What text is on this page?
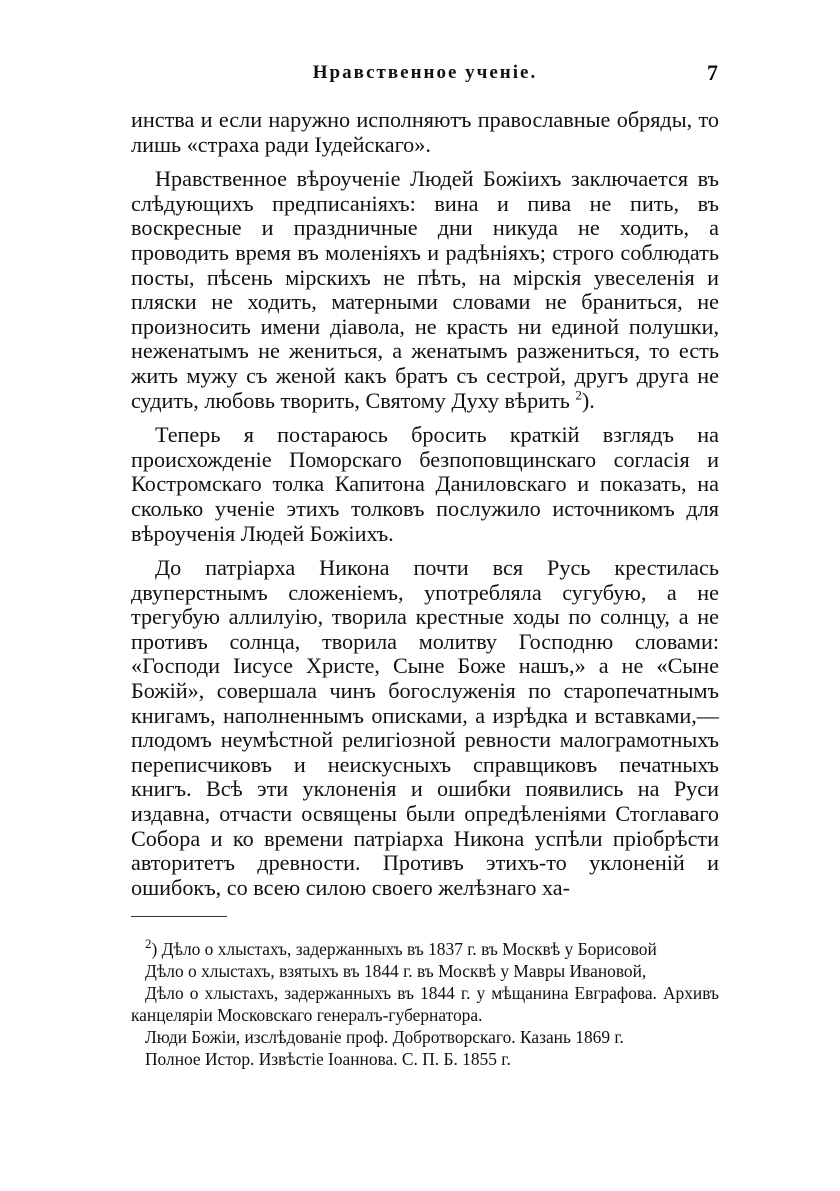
Нравственное ученіе.	7

инства и если наружно исполняютъ православные обряды, то лишь «страха ради Іудейскаго».

Нравственное вѣроученіе Людей Божіихъ заключается въ слѣдующихъ предписаніяхъ: вина и пива не пить, въ воскресные и праздничные дни никуда не ходить, а проводить время въ моленіяхъ и радѣніяхъ; строго соблюдать посты, пѣсень мірскихъ не пѣть, на мірскія увеселенія и пляски не ходить, матерными словами не браниться, не произносить имени діавола, не красть ни единой полушки, неженатымъ не жениться, а женатымъ разжениться, то есть жить мужу съ женой какъ братъ съ сестрой, другъ друга не судить, любовь творить, Святому Духу вѣрить $^2$).

Теперь я постараюсь бросить краткій взглядъ на происхожденіе Поморскаго безпоповщинскаго согласія и Костромскаго толка Капитона Даниловскаго и показать, на сколько ученіе этихъ толковъ послужило источникомъ для вѣроученія Людей Божіихъ.

До патріарха Никона почти вся Русь крестилась двуперстнымъ сложеніемъ, употребляла сугубую, а не трегубую аллилуію, творила крестные ходы по солнцу, а не противъ солнца, творила молитву Господню словами: «Господи Іисусе Христе, Сыне Боже нашъ,» а не «Сыне Божій», совершала чинъ богослуженія по старопечатнымъ книгамъ, наполненнымъ описками, а изрѣдка и вставками,— плодомъ неумѣстной религіозной ревности малограмотныхъ переписчиковъ и неискусныхъ справщиковъ печатныхъ книгъ. Всѣ эти уклоненія и ошибки появились на Руси издавна, отчасти освящены были опредѣленіями Стоглаваго Собора и ко времени патріарха Никона успѣли пріобрѣсти авторитетъ древности. Противъ этихъ-то уклоненій и ошибокъ, со всею силою своего желѣзнаго ха-

$^2$) Дѣло о хлыстахъ, задержанныхъ въ 1837 г. въ Москвѣ у Борисовой

Дѣло о хлыстахъ, взятыхъ въ 1844 г. въ Москвѣ у Мавры Ивановой,

Дѣло о хлыстахъ, задержанныхъ въ 1844 г. у мѣщанина Евграфова. Архивъ канцеляріи Московскаго генералъ-губернатора.

Люди Божіи, изслѣдованіе проф. Добротворскаго. Казань 1869 г.

Полное Истор. Извѣстіе Іоаннова. С. П. Б. 1855 г.
